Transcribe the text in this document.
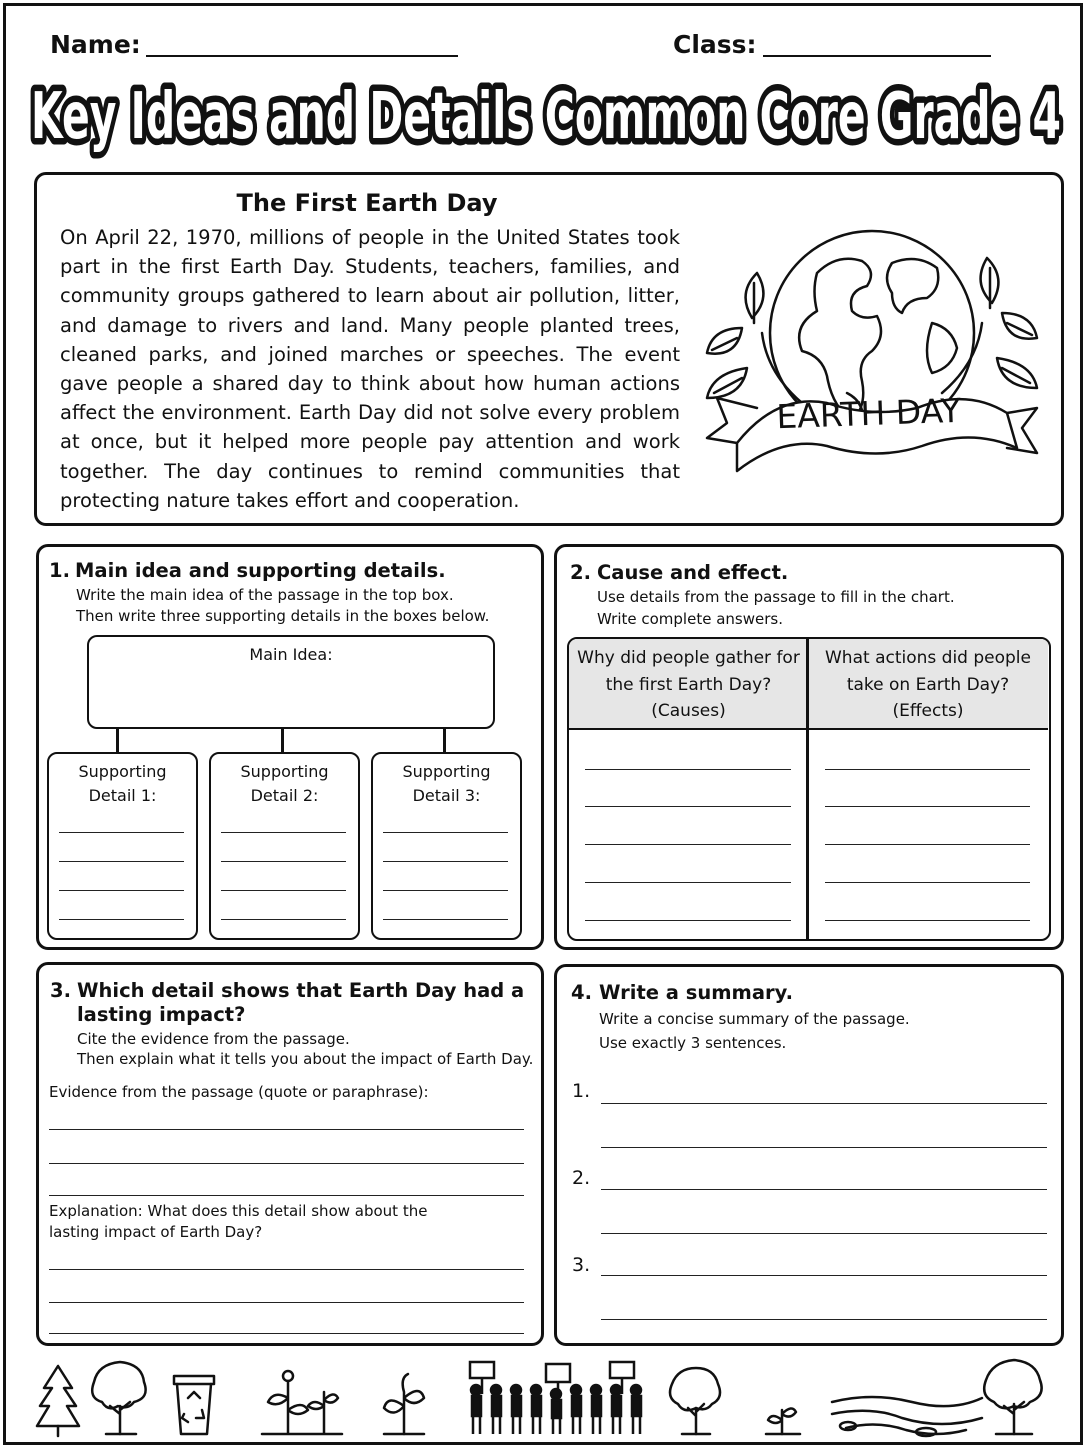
Name:	Class:
Key Ideas and Details Common Core Grade 4
The First Earth Day
On April 22, 1970, millions of people in the United States took part in the first Earth Day. Students, teachers, families, and community groups gathered to learn about air pollution, litter, and damage to rivers and land. Many people planted trees, cleaned parks, and joined marches or speeches. The event gave people a shared day to think about how human actions affect the environment. Earth Day did not solve every problem at once, but it helped more people pay attention and work together. The day continues to remind communities that protecting nature takes effort and cooperation.
EARTH DAY
1. Main idea and supporting details.
Write the main idea of the passage in the top box.
Then write three supporting details in the boxes below.
Main Idea:
Supporting
Detail 1:
Supporting
Detail 2:
Supporting
Detail 3:
2. Cause and effect.
Use details from the passage to fill in the chart.
Write complete answers.
Why did people gather for
the first Earth Day?
(Causes)
What actions did people
take on Earth Day?
(Effects)
3. Which detail shows that Earth Day had a
lasting impact?
Cite the evidence from the passage.
Then explain what it tells you about the impact of Earth Day.
Evidence from the passage (quote or paraphrase):
Explanation: What does this detail show about the
lasting impact of Earth Day?
4. Write a summary.
Write a concise summary of the passage.
Use exactly 3 sentences.
1.
2.
3.
